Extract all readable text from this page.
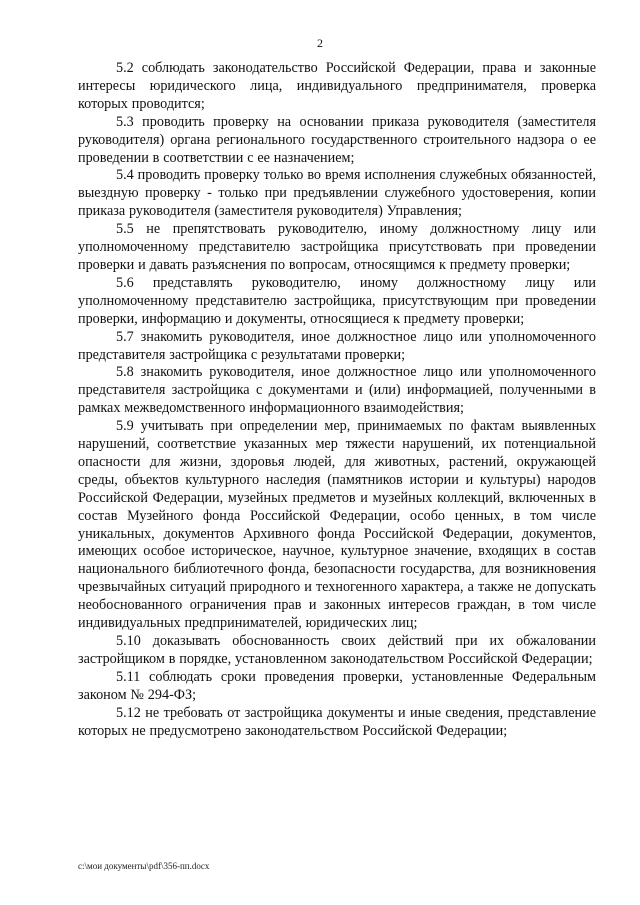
2

5.2 соблюдать законодательство Российской Федерации, права и законные интересы юридического лица, индивидуального предпринимателя, проверка которых проводится;

5.3 проводить проверку на основании приказа руководителя (заместителя руководителя) органа регионального государственного строительного надзора о ее проведении в соответствии с ее назначением;

5.4 проводить проверку только во время исполнения служебных обязанностей, выездную проверку - только при предъявлении служебного удостоверения, копии приказа руководителя (заместителя руководителя) Управления;

5.5 не препятствовать руководителю, иному должностному лицу или уполномоченному представителю застройщика присутствовать при проведении проверки и давать разъяснения по вопросам, относящимся к предмету проверки;

5.6 представлять руководителю, иному должностному лицу или уполномоченному представителю застройщика, присутствующим при проведении проверки, информацию и документы, относящиеся к предмету проверки;

5.7 знакомить руководителя, иное должностное лицо или уполномоченного представителя застройщика с результатами проверки;

5.8 знакомить руководителя, иное должностное лицо или уполномоченного представителя застройщика с документами и (или) информацией, полученными в рамках межведомственного информационного взаимодействия;

5.9 учитывать при определении мер, принимаемых по фактам выявленных нарушений, соответствие указанных мер тяжести нарушений, их потенциальной опасности для жизни, здоровья людей, для животных, растений, окружающей среды, объектов культурного наследия (памятников истории и культуры) народов Российской Федерации, музейных предметов и музейных коллекций, включенных в состав Музейного фонда Российской Федерации, особо ценных, в том числе уникальных, документов Архивного фонда Российской Федерации, документов, имеющих особое историческое, научное, культурное значение, входящих в состав национального библиотечного фонда, безопасности государства, для возникновения чрезвычайных ситуаций природного и техногенного характера, а также не допускать необоснованного ограничения прав и законных интересов граждан, в том числе индивидуальных предпринимателей, юридических лиц;

5.10 доказывать обоснованность своих действий при их обжаловании застройщиком в порядке, установленном законодательством Российской Федерации;

5.11 соблюдать сроки проведения проверки, установленные Федеральным законом № 294-ФЗ;

5.12 не требовать от застройщика документы и иные сведения, представление которых не предусмотрено законодательством Российской Федерации;

c:\мои документы\pdf\356-пп.docx
